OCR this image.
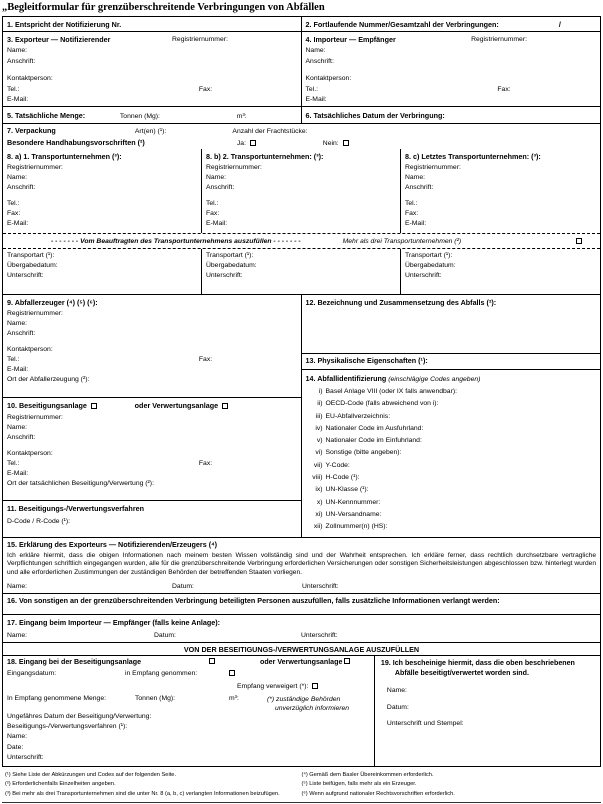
„Begleitformular für grenzüberschreitende Verbringungen von Abfällen
1. Entspricht der Notifizierung Nr.	2. Fortlaufende Nummer/Gesamtzahl der Verbringungen:	/
3. Exporteur — Notifizierender	Registriernummer:
Name:
Anschrift:
Kontaktperson:
Tel.:	Fax:
E-Mail:
4. Importeur — Empfänger	Registriernummer:
Name:
Anschrift:
Kontaktperson:
Tel.:	Fax:
E-Mail:
5. Tatsächliche Menge:	Tonnen (Mg):	m³:	6. Tatsächliches Datum der Verbringung:
7. Verpackung	Art(en) (¹):	Anzahl der Frachtstücke:
Besondere Handhabungsvorschriften (²)	Ja:	Nein:
8. a) 1. Transportunternehmen (³):
Registriernummer:
Name:
Anschrift:
Tel.:
Fax:
E-Mail:
8. b) 2. Transportunternehmen: (³):
Registriernummer:
Name:
Anschrift:
Tel.:
Fax:
E-Mail:
8. c) Letztes Transportunternehmen: (³):
Registriernummer:
Name:
Anschrift:
Tel.:
Fax:
E-Mail:
- - - - - - - Vom Beauftragten des Transportunternehmens auszufüllen - - - - - - -	Mehr als drei Transportunternehmen (²)
Transportart (¹):
Übergabedatum:
Unterschrift:
Transportart (¹):
Übergabedatum:
Unterschrift:
Transportart (¹):
Übergabedatum:
Unterschrift:
9. Abfallerzeuger (⁴) (⁵) (⁶):
Registriernummer:
Name:
Anschrift:
Kontaktperson:
Tel.:	Fax:
E-Mail:
Ort der Abfallerzeugung (²):
10. Beseitigungsanlage	oder Verwertungsanlage
Registriernummer:
Name:
Anschrift:
Kontaktperson:
Tel.:	Fax:
E-Mail:
Ort der tatsächlichen Beseitigung/Verwertung (²):
11. Beseitigungs-/Verwertungsverfahren
D-Code / R-Code (¹):
12. Bezeichnung und Zusammensetzung des Abfalls (²):
13. Physikalische Eigenschaften (¹):
14. Abfallidentifizierung (einschlägige Codes angeben)
i) Basel Anlage VIII (oder IX falls anwendbar):
ii) OECD-Code (falls abweichend von i):
iii) EU-Abfallverzeichnis:
iv) Nationaler Code im Ausfuhrland:
v) Nationaler Code im Einfuhrland:
vi) Sonstige (bitte angeben):
vii) Y-Code:
viii) H-Code (¹):
ix) UN-Klasse (¹):
x) UN-Kennnummer:
xi) UN-Versandname:
xii) Zollnummer(n) (HS):
15. Erklärung des Exporteurs — Notifizierenden/Erzeugers (⁴)
Ich erkläre hiermit, dass die obigen Informationen nach meinem besten Wissen vollständig sind und der Wahrheit entsprechen. Ich erkläre ferner, dass rechtlich durchsetzbare vertragliche Verpflichtungen schriftlich eingegangen wurden, alle für die grenzüberschreitende Verbringung erforderlichen Versicherungen oder sonstigen Sicherheitsleistungen abgeschlossen bzw. hinterlegt wurden und alle erforderlichen Zustimmungen der zuständigen Behörden der betreffenden Staaten vorliegen.
Name:	Datum:	Unterschrift:
16. Von sonstigen an der grenzüberschreitenden Verbringung beteiligten Personen auszufüllen, falls zusätzliche Informationen verlangt werden:
17. Eingang beim Importeur — Empfänger (falls keine Anlage):
Name:	Datum:	Unterschrift:
VON DER BESEITIGUNGS-/VERWERTUNGSANLAGE AUSZUFÜLLEN
18. Eingang bei der Beseitigungsanlage	oder Verwertungsanlage
Eingangsdatum:	in Empfang genommen:
Empfang verweigert (*):
In Empfang genommene Menge:	Tonnen (Mg):	m³:	(*) zuständige Behörden
unverzüglich informieren
Ungefähres Datum der Beseitigung/Verwertung:
Beseitigungs-/Verwertungsverfahren (¹):
Name:
Date:
Unterschrift:
19. Ich bescheinige hiermit, dass die oben beschriebenen Abfälle beseitigt/verwertet worden sind.
Name:
Datum:
Unterschrift und Stempel:
(¹) Siehe Liste der Abkürzungen und Codes auf der folgenden Seite.
(²) Erforderlichenfalls Einzelheiten angeben.
(³) Bei mehr als drei Transportunternehmen sind die unter Nr. 8 (a, b, c) verlangten Informationen beizufügen.
(⁴) Gemäß dem Basler Übereinkommen erforderlich.
(⁵) Liste beifügen, falls mehr als ein Erzeuger.
(⁶) Wenn aufgrund nationaler Rechtsvorschriften erforderlich.
